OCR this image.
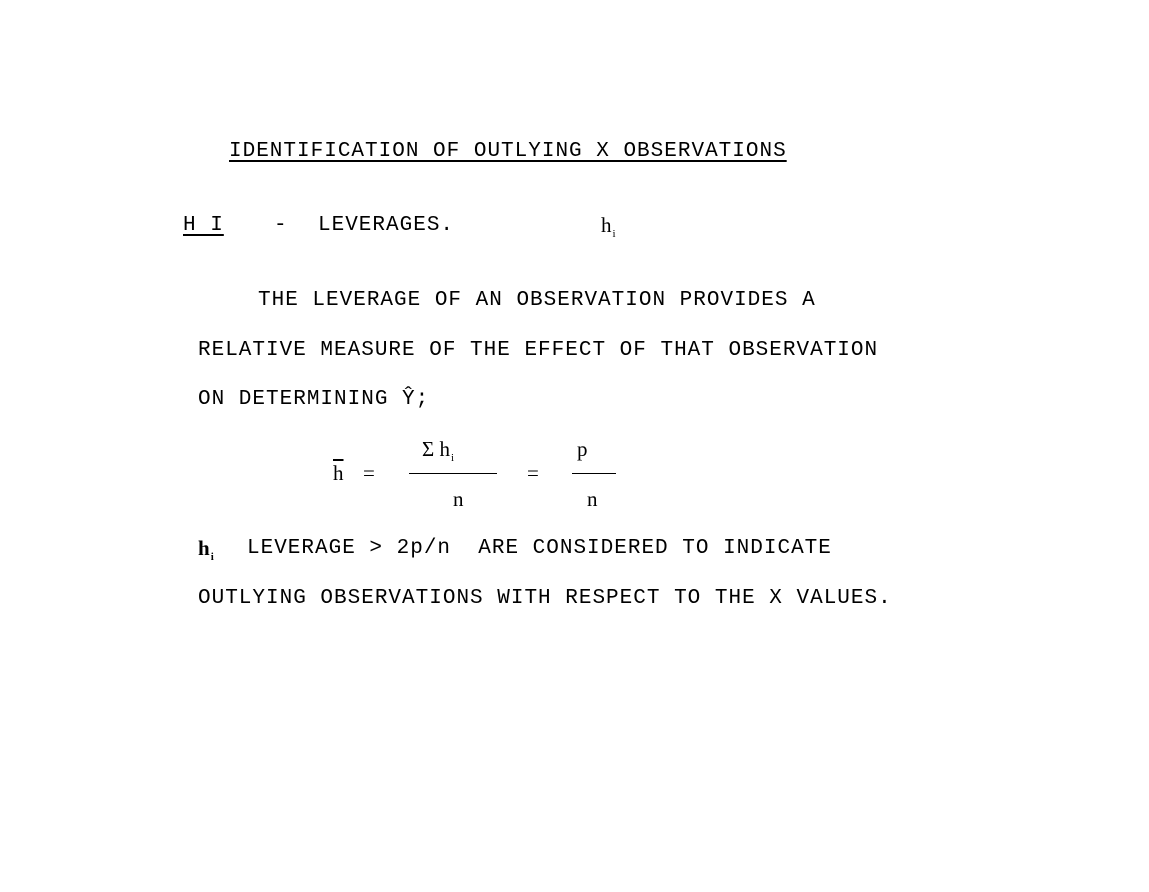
IDENTIFICATION OF OUTLYING X OBSERVATIONS
H I - LEVERAGES.	$h_i$
THE LEVERAGE OF AN OBSERVATION PROVIDES A
RELATIVE MEASURE OF THE EFFECT OF THAT OBSERVATION
ON DETERMINING Ŷ;
$\overline{h}$ =
Σ $h_i$
n
=
p
n
$h_i$ LEVERAGE > 2p/n  ARE CONSIDERED TO INDICATE
OUTLYING OBSERVATIONS WITH RESPECT TO THE X VALUES.
